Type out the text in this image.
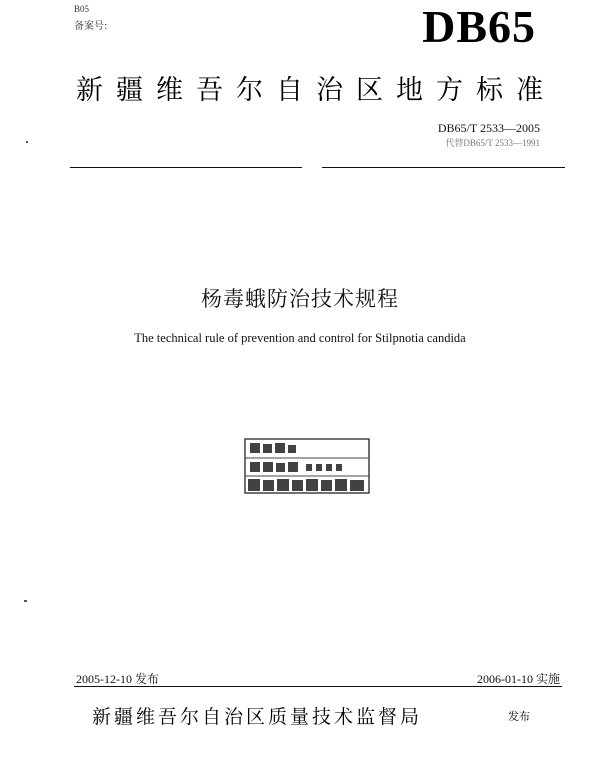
B05
备案号:	DB65
新疆维吾尔自治区地方标准
DB65/T 2533—2005
代替DB65/T 2533—1991
杨毒蛾防治技术规程
The technical rule of prevention and control for Stilpnotia candida
2005-12-10 发布	2006-01-10 实施
新疆维吾尔自治区质量技术监督局	发布
